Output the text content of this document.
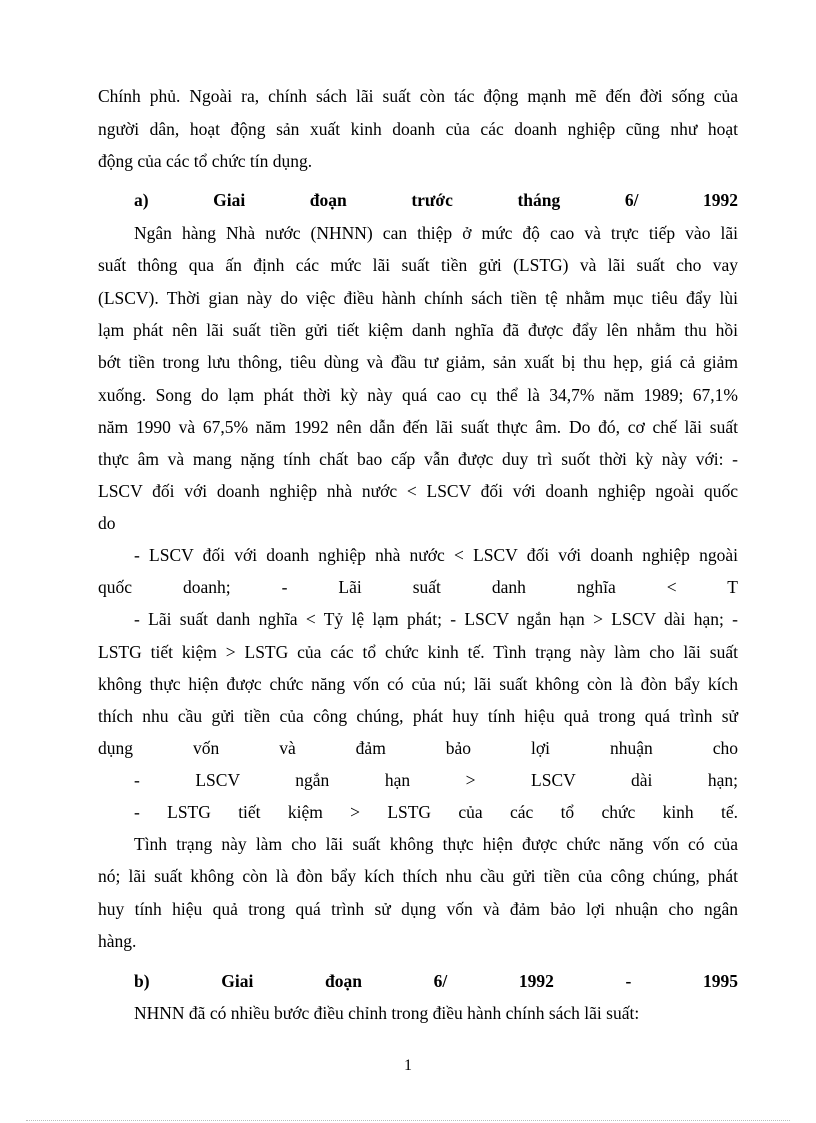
Chính phủ. Ngoài ra, chính sách lãi suất còn tác động mạnh mẽ đến đời sống của
người dân, hoạt động sản xuất kinh doanh của các doanh nghiệp cũng như hoạt
động của các tổ chức tín dụng.
a) Giai đoạn trước tháng 6/ 1992
Ngân hàng Nhà nước (NHNN) can thiệp ở mức độ cao và trực tiếp vào lãi
suất thông qua ấn định các mức lãi suất tiền gửi (LSTG) và lãi suất cho vay
(LSCV). Thời gian này do việc điều hành chính sách tiền tệ nhằm mục tiêu đẩy lùi
lạm phát nên lãi suất tiền gửi tiết kiệm danh nghĩa đã được đẩy lên nhằm thu hồi
bớt tiền trong lưu thông, tiêu dùng và đầu tư giảm, sản xuất bị thu hẹp, giá cả giảm
xuống. Song do lạm phát thời kỳ này quá cao cụ thể là 34,7% năm 1989; 67,1%
năm 1990 và 67,5% năm 1992 nên dẫn đến lãi suất thực âm. Do đó, cơ chế lãi suất
thực âm và mang nặng tính chất bao cấp vẫn được duy trì suốt thời kỳ này với: -
LSCV đối với doanh nghiệp nhà nước < LSCV đối với doanh nghiệp ngoài quốc
do
- LSCV đối với doanh nghiệp nhà nước < LSCV đối với doanh nghiệp ngoài
quốc doanh; - Lãi suất danh nghĩa < T
- Lãi suất danh nghĩa < Tỷ lệ lạm phát; - LSCV ngắn hạn > LSCV dài hạn; -
LSTG tiết kiệm > LSTG của các tổ chức kinh tế. Tình trạng này làm cho lãi suất
không thực hiện được chức năng vốn có của nú; lãi suất không còn là đòn bẩy kích
thích nhu cầu gửi tiền của công chúng, phát huy tính hiệu quả trong quá trình sử
dụng vốn và đảm bảo lợi nhuận cho
- LSCV ngắn hạn > LSCV dài hạn;
- LSTG tiết kiệm > LSTG của các tổ chức kinh tế.
Tình trạng này làm cho lãi suất không thực hiện được chức năng vốn có của
nó; lãi suất không còn là đòn bẩy kích thích nhu cầu gửi tiền của công chúng, phát
huy tính hiệu quả trong quá trình sử dụng vốn và đảm bảo lợi nhuận cho ngân
hàng.
b) Giai đoạn 6/ 1992 - 1995
NHNN đã có nhiều bước điều chỉnh trong điều hành chính sách lãi suất:
1
